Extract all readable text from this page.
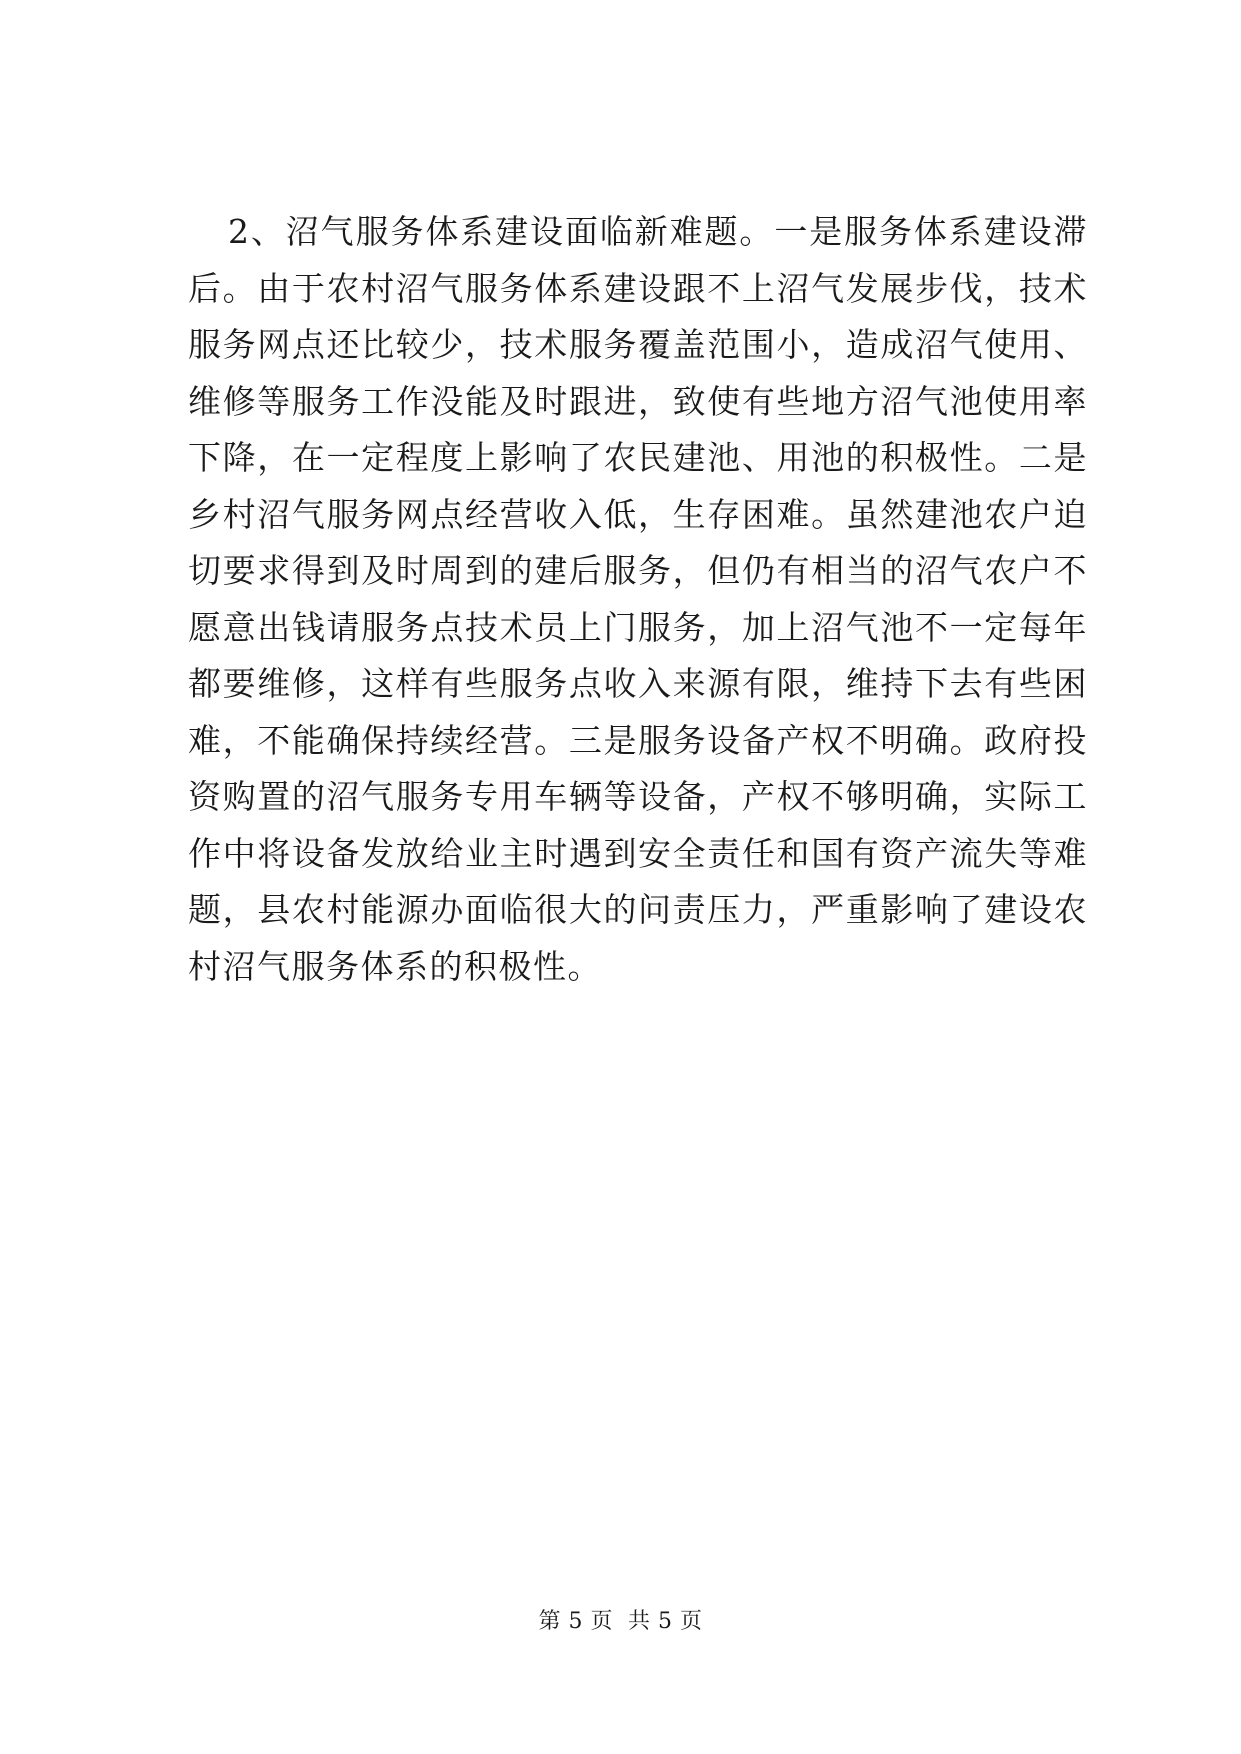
2、沼气服务体系建设面临新难题。一是服务体系建设滞后。由于农村沼气服务体系建设跟不上沼气发展步伐，技术服务网点还比较少，技术服务覆盖范围小，造成沼气使用、维修等服务工作没能及时跟进，致使有些地方沼气池使用率下降，在一定程度上影响了农民建池、用池的积极性。二是乡村沼气服务网点经营收入低，生存困难。虽然建池农户迫切要求得到及时周到的建后服务，但仍有相当的沼气农户不愿意出钱请服务点技术员上门服务，加上沼气池不一定每年都要维修，这样有些服务点收入来源有限，维持下去有些困难，不能确保持续经营。三是服务设备产权不明确。政府投资购置的沼气服务专用车辆等设备，产权不够明确，实际工作中将设备发放给业主时遇到安全责任和国有资产流失等难题，县农村能源办面临很大的问责压力，严重影响了建设农村沼气服务体系的积极性。

第 5 页 共 5 页
